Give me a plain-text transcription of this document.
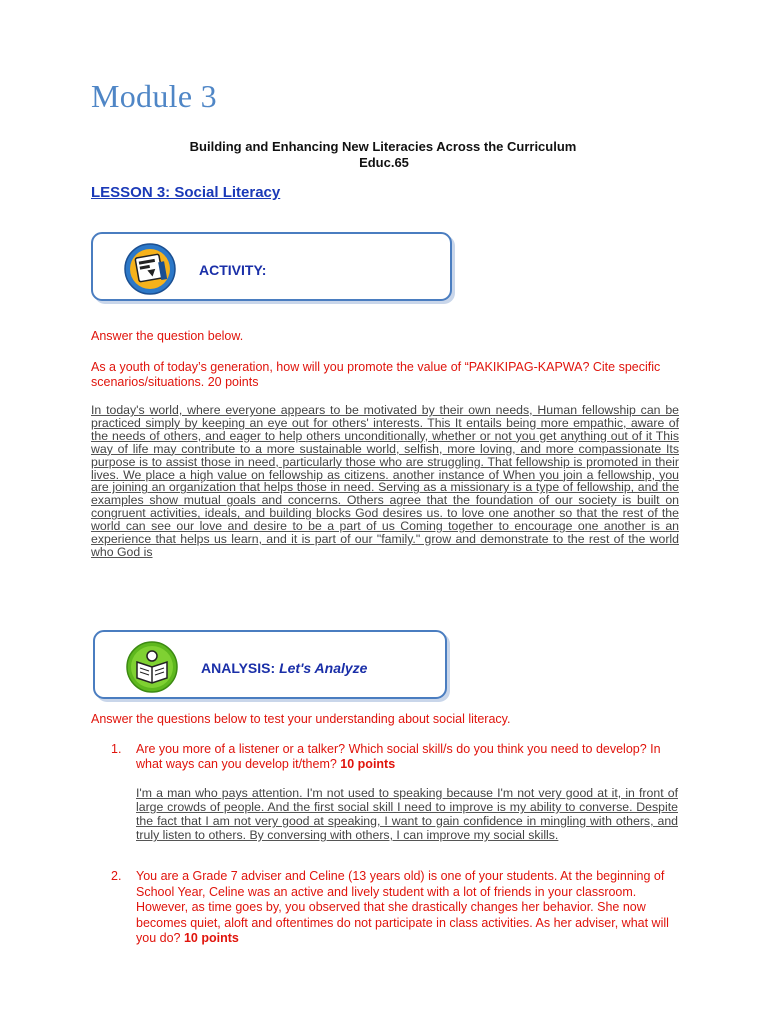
Module 3
Building and Enhancing New Literacies Across the Curriculum
Educ.65
LESSON 3: Social Literacy
ACTIVITY:
Answer the question below.
As a youth of today’s generation, how will you promote the value of “PAKIKIPAG-KAPWA? Cite specific scenarios/situations. 20 points
In today's world, where everyone appears to be motivated by their own needs, Human fellowship can be practiced simply by keeping an eye out for others' interests. This It entails being more empathic, aware of the needs of others, and eager to help others unconditionally, whether or not you get anything out of it This way of life may contribute to a more sustainable world, selfish, more loving, and more compassionate Its purpose is to assist those in need, particularly those who are struggling. That fellowship is promoted in their lives. We place a high value on fellowship as citizens. another instance of When you join a fellowship, you are joining an organization that helps those in need. Serving as a missionary is a type of fellowship, and the examples show mutual goals and concerns. Others agree that the foundation of our society is built on congruent activities, ideals, and building blocks God desires us. to love one another so that the rest of the world can see our love and desire to be a part of us Coming together to encourage one another is an experience that helps us learn, and it is part of our "family." grow and demonstrate to the rest of the world who God is
ANALYSIS: Let's Analyze
Answer the questions below to test your understanding about social literacy.
1. Are you more of a listener or a talker? Which social skill/s do you think you need to develop? In what ways can you develop it/them? 10 points
I'm a man who pays attention. I'm not used to speaking because I'm not very good at it, in front of large crowds of people. And the first social skill I need to improve is my ability to converse. Despite the fact that I am not very good at speaking, I want to gain confidence in mingling with others, and truly listen to others. By conversing with others, I can improve my social skills.
2. You are a Grade 7 adviser and Celine (13 years old) is one of your students. At the beginning of School Year, Celine was an active and lively student with a lot of friends in your classroom. However, as time goes by, you observed that she drastically changes her behavior. She now becomes quiet, aloft and oftentimes do not participate in class activities. As her adviser, what will you do? 10 points
